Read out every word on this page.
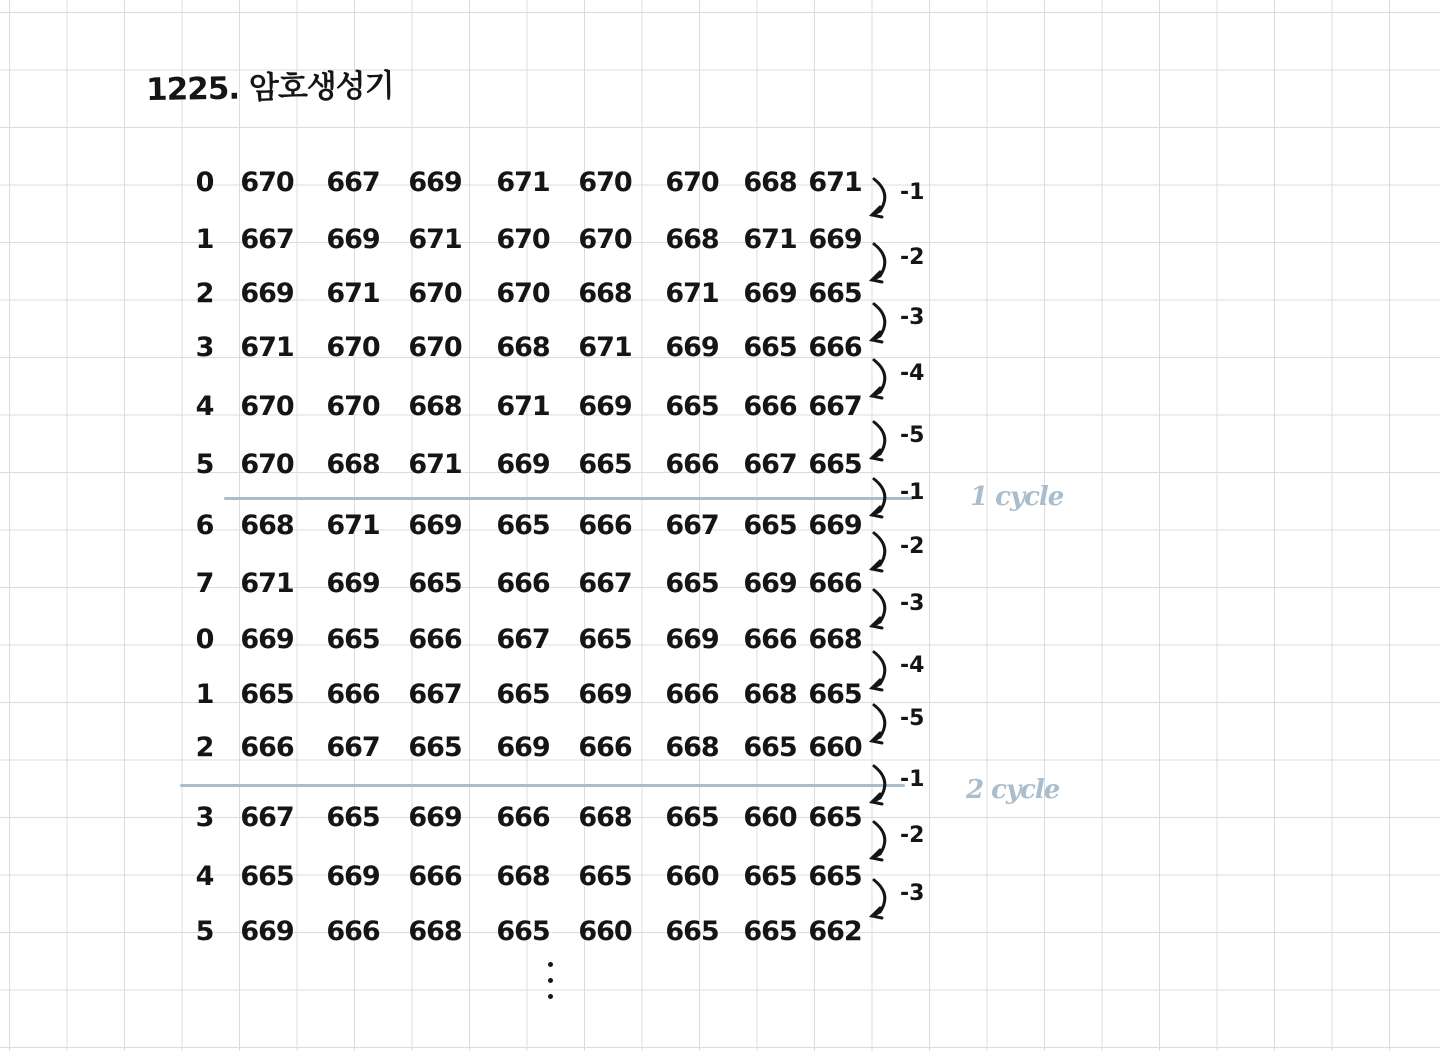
1225. 암호생성기
0 670	667	669	671	670	670 668 671
1 667	669	671	670	670	668 671 669
2 669	671	670	670	668	671 669 665
3 671	670	670	668	671	669 665 666
4 670	670	668	671	669	665 666 667
5 670	668	671	669	665	666 667 665
6 668	671	669	665	666	667 665 669
7 671	669	665	666	667	665 669 666
0 669	665	666	667	665	669 666 668
1 665	666	667	665	669	666 668 665
2 666	667	665	669	666	668 665 660
3 667	665	669	666	668	665 660 665
4 665	669	666	668	665	660 665 665
5 669	666	668	665	660	665 665 662
1 cycle
2 cycle
-1
-2
-3
-4
-5
-1
-2
-3
-4
-5
-1
-2
-3
